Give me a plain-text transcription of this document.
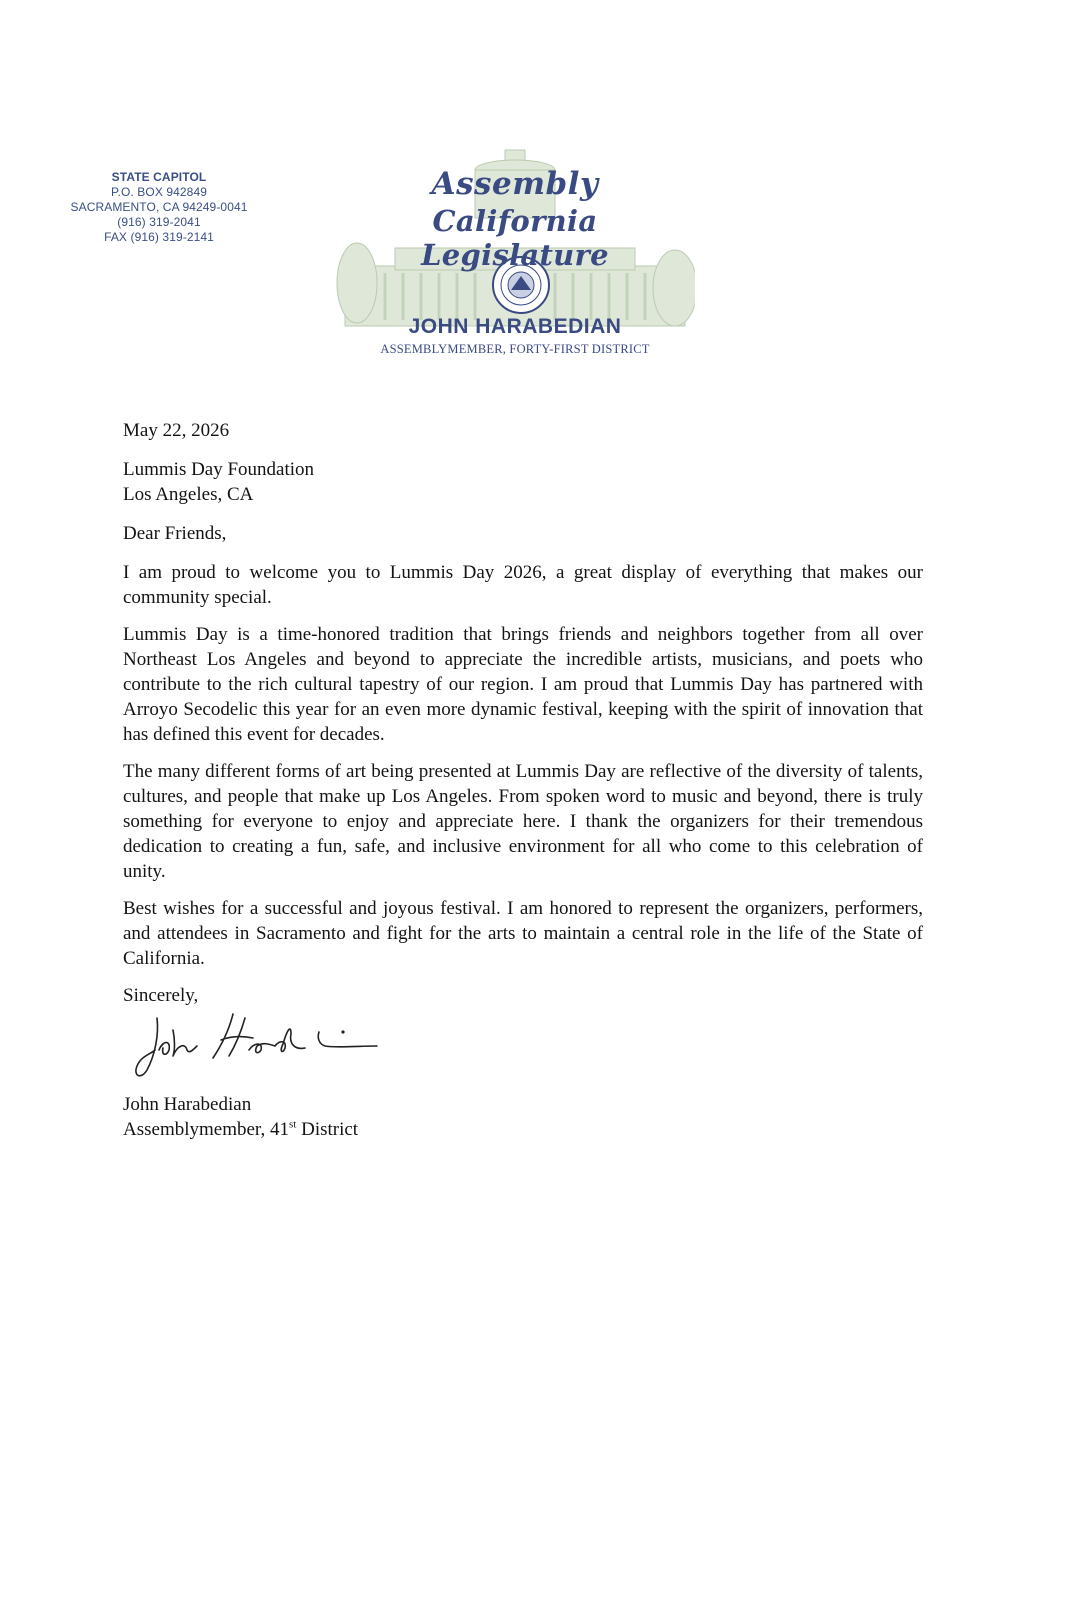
STATE CAPITOL
P.O. BOX 942849
SACRAMENTO, CA 94249-0041
(916) 319-2041
FAX (916) 319-2141
Assembly
California Legislature
JOHN HARABEDIAN
ASSEMBLYMEMBER, FORTY-FIRST DISTRICT

May 22, 2026

Lummis Day Foundation

Los Angeles, CA

Dear Friends,

I am proud to welcome you to Lummis Day 2026, a great display of everything that makes our community special.

Lummis Day is a time-honored tradition that brings friends and neighbors together from all over Northeast Los Angeles and beyond to appreciate the incredible artists, musicians, and poets who contribute to the rich cultural tapestry of our region. I am proud that Lummis Day has partnered with Arroyo Secodelic this year for an even more dynamic festival, keeping with the spirit of innovation that has defined this event for decades.

The many different forms of art being presented at Lummis Day are reflective of the diversity of talents, cultures, and people that make up Los Angeles. From spoken word to music and beyond, there is truly something for everyone to enjoy and appreciate here. I thank the organizers for their tremendous dedication to creating a fun, safe, and inclusive environment for all who come to this celebration of unity.

Best wishes for a successful and joyous festival. I am honored to represent the organizers, performers, and attendees in Sacramento and fight for the arts to maintain a central role in the life of the State of California.

Sincerely,

John Harabedian

Assemblymember, 41st District
